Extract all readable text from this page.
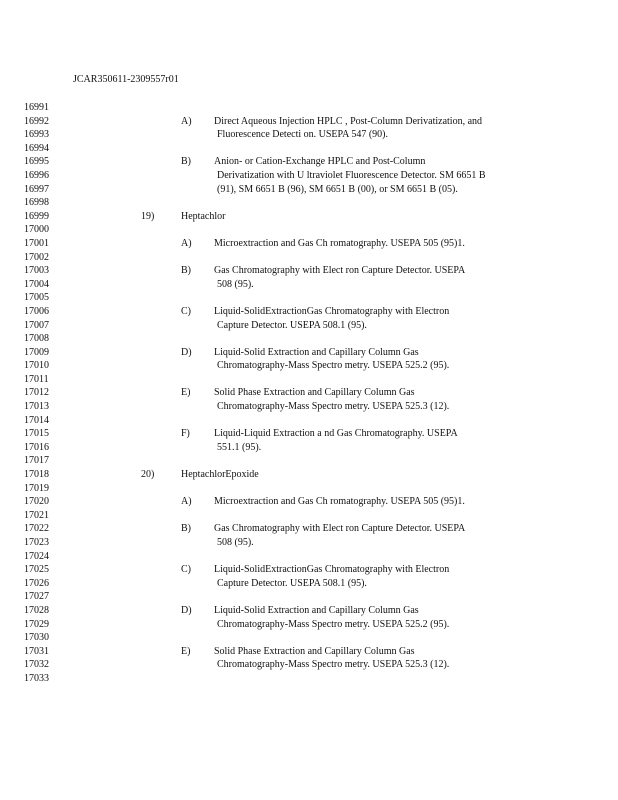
JCAR350611-2309557r01
16991
16992
16993
16994
16995
16996
16997
16998
16999
17000
17001
17002
17003
17004
17005
17006
17007
17008
17009
17010
17011
17012
17013
17014
17015
17016
17017
17018
17019
17020
17021
17022
17023
17024
17025
17026
17027
17028
17029
17030
17031
17032
17033
A) Direct Aqueous Injection HPLC , Post-Column Derivatization, and
Fluorescence Detecti on. USEPA 547 (90).
B) Anion- or Cation-Exchange HPLC and Post-Column
Derivatization with U ltraviolet Fluorescence Detector. SM 6651 B
(91), SM 6651 B (96), SM 6651 B (00), or SM 6651 B (05).
19)	Heptachlor
A) Microextraction and Gas Ch romatography. USEPA 505 (95)1.
B) Gas Chromatography with Elect ron Capture Detector. USEPA
508 (95).
C) Liquid-SolidExtractionGas Chromatography with Electron
Capture Detector. USEPA 508.1 (95).
D) Liquid-Solid Extraction and Capillary Column Gas
Chromatography-Mass Spectro metry. USEPA 525.2 (95).
E) Solid Phase Extraction and Capillary Column Gas
Chromatography-Mass Spectro metry. USEPA 525.3 (12).
F) Liquid-Liquid Extraction a nd Gas Chromatography. USEPA
551.1 (95).
20)	HeptachlorEpoxide
A) Microextraction and Gas Ch romatography. USEPA 505 (95)1.
B) Gas Chromatography with Elect ron Capture Detector. USEPA
508 (95).
C) Liquid-SolidExtractionGas Chromatography with Electron
Capture Detector. USEPA 508.1 (95).
D) Liquid-Solid Extraction and Capillary Column Gas
Chromatography-Mass Spectro metry. USEPA 525.2 (95).
E) Solid Phase Extraction and Capillary Column Gas
Chromatography-Mass Spectro metry. USEPA 525.3 (12).
